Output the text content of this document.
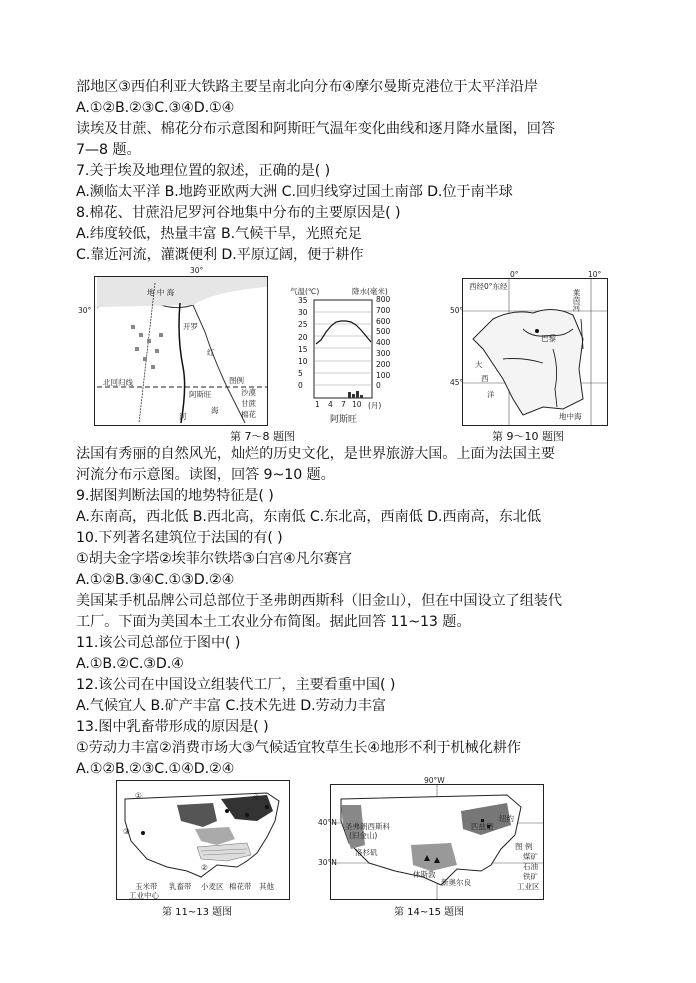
部地区③西伯利亚大铁路主要呈南北向分布④摩尔曼斯克港位于太平洋沿岸
A.①②B.②③C.③④D.①④
读埃及甘蔗、棉花分布示意图和阿斯旺气温年变化曲线和逐月降水量图，回答
7—8 题。
7.关于埃及地理位置的叙述，正确的是( )
A.濒临太平洋 B.地跨亚欧两大洲 C.回归线穿过国土南部 D.位于南半球
8.棉花、甘蔗沿尼罗河谷地集中分布的主要原因是( )
A.纬度较低，热量丰富 B.气候干旱，光照充足
C.靠近河流，灌溉便利 D.平原辽阔，便于耕作
地 中 海
开罗
北回归线
阿斯旺
红
海
河
图例
沙漠
甘蔗
棉花
30°
30°
气温(℃)	降水(毫米)
35
30
25
20
15
10
5
0
800
700
600
500
400
300
200
100
0
1 4 7 10 (月)
阿斯旺
第 7～8 题图
西经0°东经
巴黎
大
西
洋
莱茵河
地中海
0°	10°
50°
45°
第 9～10 题图
法国有秀丽的自然风光，灿烂的历史文化，是世界旅游大国。上面为法国主要
河流分布示意图。读图，回答 9~10 题。
9.据图判断法国的地势特征是( )
A.东南高，西北低 B.西北高，东南低 C.东北高，西南低 D.西南高，东北低
10.下列著名建筑位于法国的有( )
①胡夫金字塔②埃菲尔铁塔③白宫④凡尔赛宫
A.①②B.③④C.①③D.②④
美国某手机品牌公司总部位于圣弗朗西斯科（旧金山），但在中国设立了组装代
工厂。下面为美国本土工农业分布简图。据此回答 11~13 题。
11.该公司总部位于图中( )
A.①B.②C.③D.④
12.该公司在中国设立组装代工厂，主要看重中国( )
A.气候宜人 B.矿产丰富 C.技术先进 D.劳动力丰富
13.图中乳畜带形成的原因是( )
①劳动力丰富②消费市场大③气候适宜牧草生长④地形不利于机械化耕作
A.①②B.②③C.①④D.②④
①
②
③
④
玉米带 乳畜带 小麦区 棉花带 其他
工业中心
第 11~13 题图
圣弗朗西斯科
(旧金山)
洛杉矶
纽约
匹兹堡
休斯敦
新奥尔良
图 例
煤矿
石油
铁矿
工业区
90°W
40°N
30°N
第 14~15 题图
